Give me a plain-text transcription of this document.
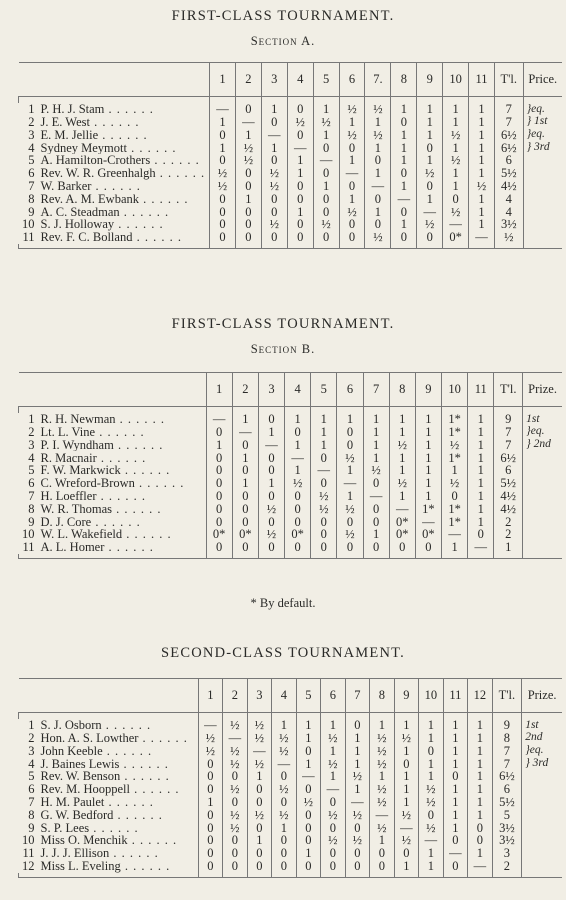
FIRST-CLASS TOURNAMENT.
Section A.
	1	2	3	4	5	6	7.	8	9	10	11	T'l.	Price.

1 P. H. J. Stam . . . . . .	—	0	1	0	1	½	½	1	1	1	1	7	}eq.
2 J. E. West . . . . . .	1	—	0	½	½	1	1	0	1	1	1	7	} 1st
3 E. M. Jellie . . . . . .	0	1	—	0	1	½	½	1	1	½	1	6½	}eq.
4 Sydney Meymott . . . . . .	1	½	1	—	0	0	1	1	0	1	1	6½	} 3rd
5 A. Hamilton-Crothers . . . . . .	0	½	0	1	—	1	0	1	1	½	1	6	
6 Rev. W. R. Greenhalgh . . . . . .	½	0	½	1	0	—	1	0	½	1	1	5½	
7 W. Barker . . . . . .	½	0	½	0	1	0	—	1	0	1	½	4½	
8 Rev. A. M. Ewbank . . . . . .	0	1	0	0	0	1	0	—	1	0	1	4	
9 A. C. Steadman . . . . . .	0	0	0	1	0	½	1	0	—	½	1	4	
10 S. J. Holloway . . . . . .	0	0	½	0	½	0	0	1	½	—	1	3½	
11 Rev. F. C. Bolland . . . . . .	0	0	0	0	0	0	½	0	0	0*	—	½	

FIRST-CLASS TOURNAMENT.
Section B.
	1	2	3	4	5	6	7	8	9	10	11	T'l.	Prize.

1 R. H. Newman . . . . . .	—	1	0	1	1	1	1	1	1	1*	1	9	1st
2 Lt. L. Vine . . . . . .	0	—	1	0	1	0	1	1	1	1*	1	7	}eq.
3 P. I. Wyndham . . . . . .	1	0	—	1	1	0	1	½	1	½	1	7	} 2nd
4 R. Macnair . . . . . .	0	1	0	—	0	½	1	1	1	1*	1	6½	
5 F. W. Markwick . . . . . .	0	0	0	1	—	1	½	1	1	1	1	6	
6 C. Wreford-Brown . . . . . .	0	1	1	½	0	—	0	½	1	½	1	5½	
7 H. Loeffler . . . . . .	0	0	0	0	½	1	—	1	1	0	1	4½	
8 W. R. Thomas . . . . . .	0	0	½	0	½	½	0	—	1*	1*	1	4½	
9 D. J. Core . . . . . .	0	0	0	0	0	0	0	0*	—	1*	1	2	
10 W. L. Wakefield . . . . . .	0*	0*	½	0*	0	½	1	0*	0*	—	0	2	
11 A. L. Homer . . . . . .	0	0	0	0	0	0	0	0	0	1	—	1	

* By default.
SECOND-CLASS TOURNAMENT.
	1	2	3	4	5	6	7	8	9	10	11	12	T'l.	Prize.

1 S. J. Osborn . . . . . .	—	½	½	1	1	1	0	1	1	1	1	1	9	1st
2 Hon. A. S. Lowther . . . . . .	½	—	½	½	1	½	1	½	½	1	1	1	8	2nd
3 John Keeble . . . . . .	½	½	—	½	0	1	1	½	1	0	1	1	7	}eq.
4 J. Baines Lewis . . . . . .	0	½	½	—	1	½	1	½	0	1	1	1	7	} 3rd
5 Rev. W. Benson . . . . . .	0	0	1	0	—	1	½	1	1	1	0	1	6½	
6 Rev. M. Hooppell . . . . . .	0	½	0	½	0	—	1	½	1	½	1	1	6	
7 H. M. Paulet . . . . . .	1	0	0	0	½	0	—	½	1	½	1	1	5½	
8 G. W. Bedford . . . . . .	0	½	½	½	0	½	½	—	½	0	1	1	5	
9 S. P. Lees . . . . . .	0	½	0	1	0	0	0	½	—	½	1	0	3½	
10 Miss O. Menchik . . . . . .	0	0	1	0	0	½	½	1	½	—	0	0	3½	
11 J. J. J. Ellison . . . . . .	0	0	0	0	1	0	0	0	0	1	—	1	3	
12 Miss L. Eveling . . . . . .	0	0	0	0	0	0	0	0	1	1	0	—	2	
